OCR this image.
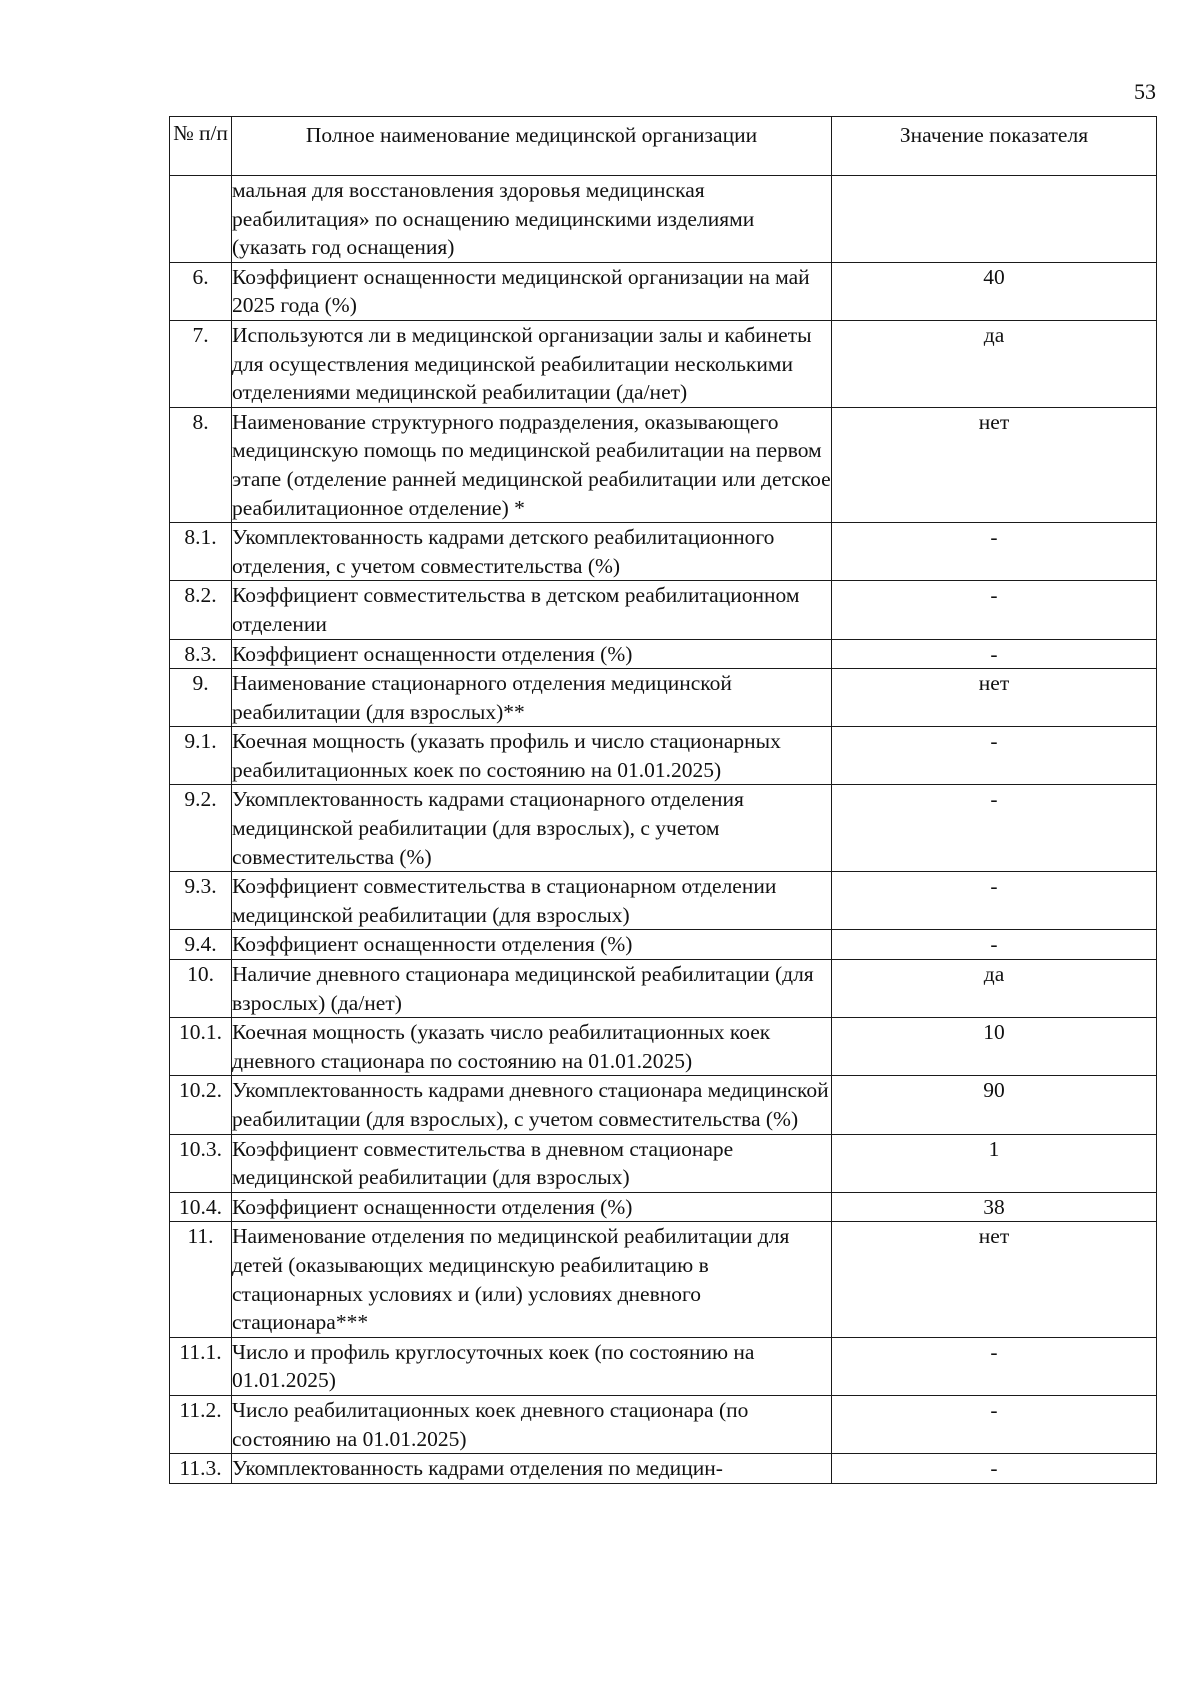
53
№ п/п	Полное наименование медицинской организации	Значение показателя
	мальная для восстановления здоровья медицинская реабилитация» по оснащению медицинскими изделиями (указать год оснащения)	
6.	Коэффициент оснащенности медицинской организации на май 2025 года (%)	40
7.	Используются ли в медицинской организации залы и кабинеты для осуществления медицинской реабилитации несколькими отделениями медицинской реабилитации (да/нет)	да
8.	Наименование структурного подразделения, оказывающего медицинскую помощь по медицинской реабилитации на первом этапе (отделение ранней медицинской реабилитации или детское реабилитационное отделение) *	нет
8.1.	Укомплектованность кадрами детского реабилитационного отделения, с учетом совместительства (%)	-
8.2.	Коэффициент совместительства в детском реабилитационном отделении	-
8.3.	Коэффициент оснащенности отделения (%)	-
9.	Наименование стационарного отделения медицинской реабилитации (для взрослых)**	нет
9.1.	Коечная мощность (указать профиль и число стационарных реабилитационных коек по состоянию на 01.01.2025)	-
9.2.	Укомплектованность кадрами стационарного отделения медицинской реабилитации (для взрослых), с учетом совместительства (%)	-
9.3.	Коэффициент совместительства в стационарном отделении медицинской реабилитации (для взрослых)	-
9.4.	Коэффициент оснащенности отделения (%)	-
10.	Наличие дневного стационара медицинской реабилитации (для взрослых) (да/нет)	да
10.1.	Коечная мощность (указать число реабилитационных коек дневного стационара по состоянию на 01.01.2025)	10
10.2.	Укомплектованность кадрами дневного стационара медицинской реабилитации (для взрослых), с учетом совместительства (%)	90
10.3.	Коэффициент совместительства в дневном стационаре медицинской реабилитации (для взрослых)	1
10.4.	Коэффициент оснащенности отделения (%)	38
11.	Наименование отделения по медицинской реабилитации для детей (оказывающих медицинскую реабилитацию в стационарных условиях и (или) условиях дневного стационара***	нет
11.1.	Число и профиль круглосуточных коек (по состоянию на 01.01.2025)	-
11.2.	Число реабилитационных коек дневного стационара (по состоянию на 01.01.2025)	-
11.3.	Укомплектованность кадрами отделения по медицин-	-
